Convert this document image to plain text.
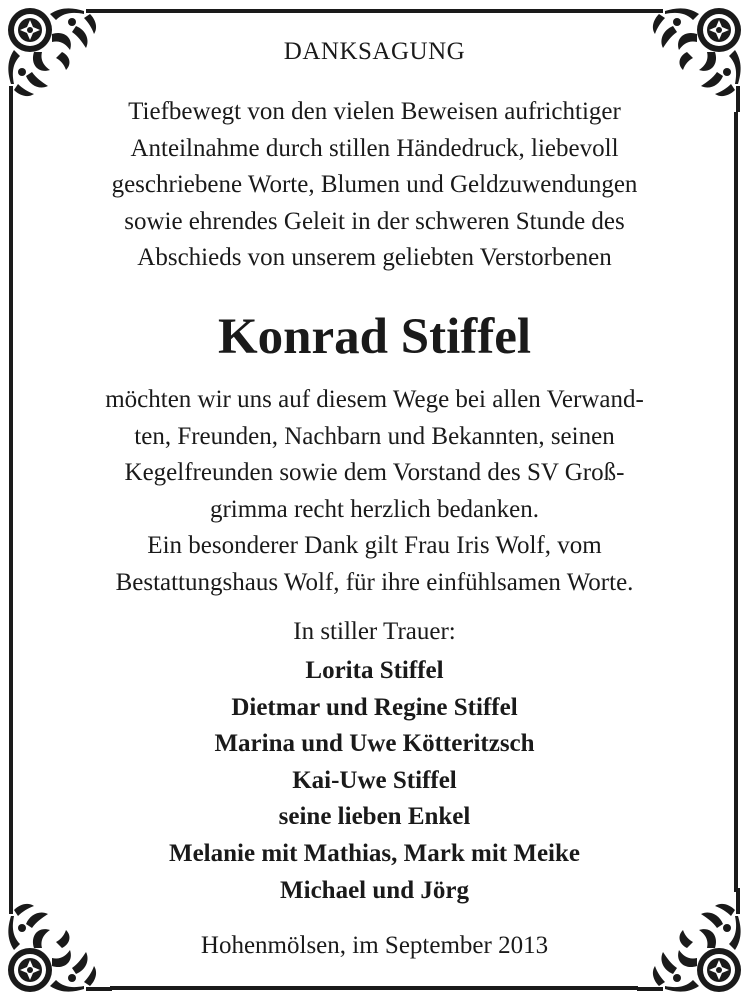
DANKSAGUNG
Tiefbewegt von den vielen Beweisen aufrichtiger
Anteilnahme durch stillen Händedruck, liebevoll
geschriebene Worte, Blumen und Geldzuwendungen
sowie ehrendes Geleit in der schweren Stunde des
Abschieds von unserem geliebten Verstorbenen
Konrad Stiffel
möchten wir uns auf diesem Wege bei allen Verwand-
ten, Freunden, Nachbarn und Bekannten, seinen
Kegelfreunden sowie dem Vorstand des SV Groß-
grimma recht herzlich bedanken.
Ein besonderer Dank gilt Frau Iris Wolf, vom
Bestattungshaus Wolf, für ihre einfühlsamen Worte.
In stiller Trauer:
Lorita Stiffel
Dietmar und Regine Stiffel
Marina und Uwe Kötteritzsch
Kai-Uwe Stiffel
seine lieben Enkel
Melanie mit Mathias, Mark mit Meike
Michael und Jörg
Hohenmölsen, im September 2013
